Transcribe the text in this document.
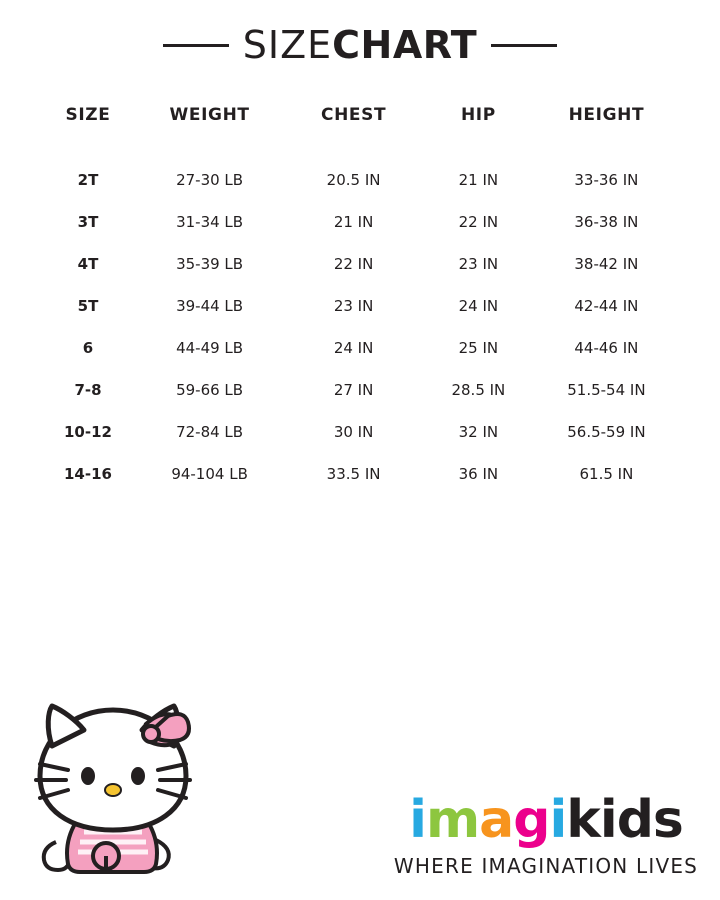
SIZECHART
SIZE	WEIGHT	CHEST	HIP	HEIGHT
2T	27-30 LB	20.5 IN	21 IN	33-36 IN
3T	31-34 LB	21 IN	22 IN	36-38 IN
4T	35-39 LB	22 IN	23 IN	38-42 IN
5T	39-44 LB	23 IN	24 IN	42-44 IN
6	44-49 LB	24 IN	25 IN	44-46 IN
7-8	59-66 LB	27 IN	28.5 IN	51.5-54 IN
10-12	72-84 LB	30 IN	32 IN	56.5-59 IN
14-16	94-104 LB	33.5 IN	36 IN	61.5 IN
imagikids
WHERE IMAGINATION LIVES
